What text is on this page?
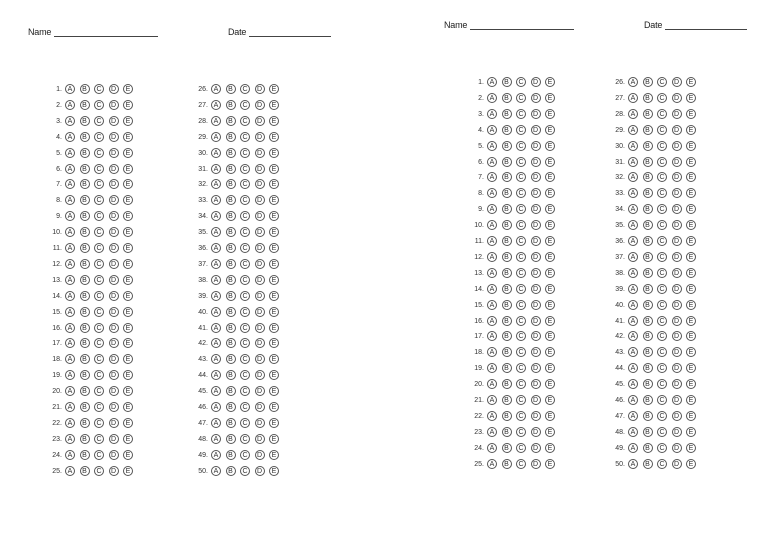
Name	Date
1. A	B	C	D	E
2. A	B	C	D	E
3. A	B	C	D	E
4. A	B	C	D	E
5. A	B	C	D	E
6. A	B	C	D	E
7. A	B	C	D	E
8. A	B	C	D	E
9. A	B	C	D	E
10. A	B	C	D	E
11. A	B	C	D	E
12. A	B	C	D	E
13. A	B	C	D	E
14. A	B	C	D	E
15. A	B	C	D	E
16. A	B	C	D	E
17. A	B	C	D	E
18. A	B	C	D	E
19. A	B	C	D	E
20. A	B	C	D	E
21. A	B	C	D	E
22. A	B	C	D	E
23. A	B	C	D	E
24. A	B	C	D	E
25. A	B	C	D	E
26. A	B	C	D	E
27. A	B	C	D	E
28. A	B	C	D	E
29. A	B	C	D	E
30. A	B	C	D	E
31. A	B	C	D	E
32. A	B	C	D	E
33. A	B	C	D	E
34. A	B	C	D	E
35. A	B	C	D	E
36. A	B	C	D	E
37. A	B	C	D	E
38. A	B	C	D	E
39. A	B	C	D	E
40. A	B	C	D	E
41. A	B	C	D	E
42. A	B	C	D	E
43. A	B	C	D	E
44. A	B	C	D	E
45. A	B	C	D	E
46. A	B	C	D	E
47. A	B	C	D	E
48. A	B	C	D	E
49. A	B	C	D	E
50. A	B	C	D	E
Name	Date
1. A	B	C	D	E
2. A	B	C	D	E
3. A	B	C	D	E
4. A	B	C	D	E
5. A	B	C	D	E
6. A	B	C	D	E
7. A	B	C	D	E
8. A	B	C	D	E
9. A	B	C	D	E
10. A	B	C	D	E
11. A	B	C	D	E
12. A	B	C	D	E
13. A	B	C	D	E
14. A	B	C	D	E
15. A	B	C	D	E
16. A	B	C	D	E
17. A	B	C	D	E
18. A	B	C	D	E
19. A	B	C	D	E
20. A	B	C	D	E
21. A	B	C	D	E
22. A	B	C	D	E
23. A	B	C	D	E
24. A	B	C	D	E
25. A	B	C	D	E
26. A	B	C	D	E
27. A	B	C	D	E
28. A	B	C	D	E
29. A	B	C	D	E
30. A	B	C	D	E
31. A	B	C	D	E
32. A	B	C	D	E
33. A	B	C	D	E
34. A	B	C	D	E
35. A	B	C	D	E
36. A	B	C	D	E
37. A	B	C	D	E
38. A	B	C	D	E
39. A	B	C	D	E
40. A	B	C	D	E
41. A	B	C	D	E
42. A	B	C	D	E
43. A	B	C	D	E
44. A	B	C	D	E
45. A	B	C	D	E
46. A	B	C	D	E
47. A	B	C	D	E
48. A	B	C	D	E
49. A	B	C	D	E
50. A	B	C	D	E
